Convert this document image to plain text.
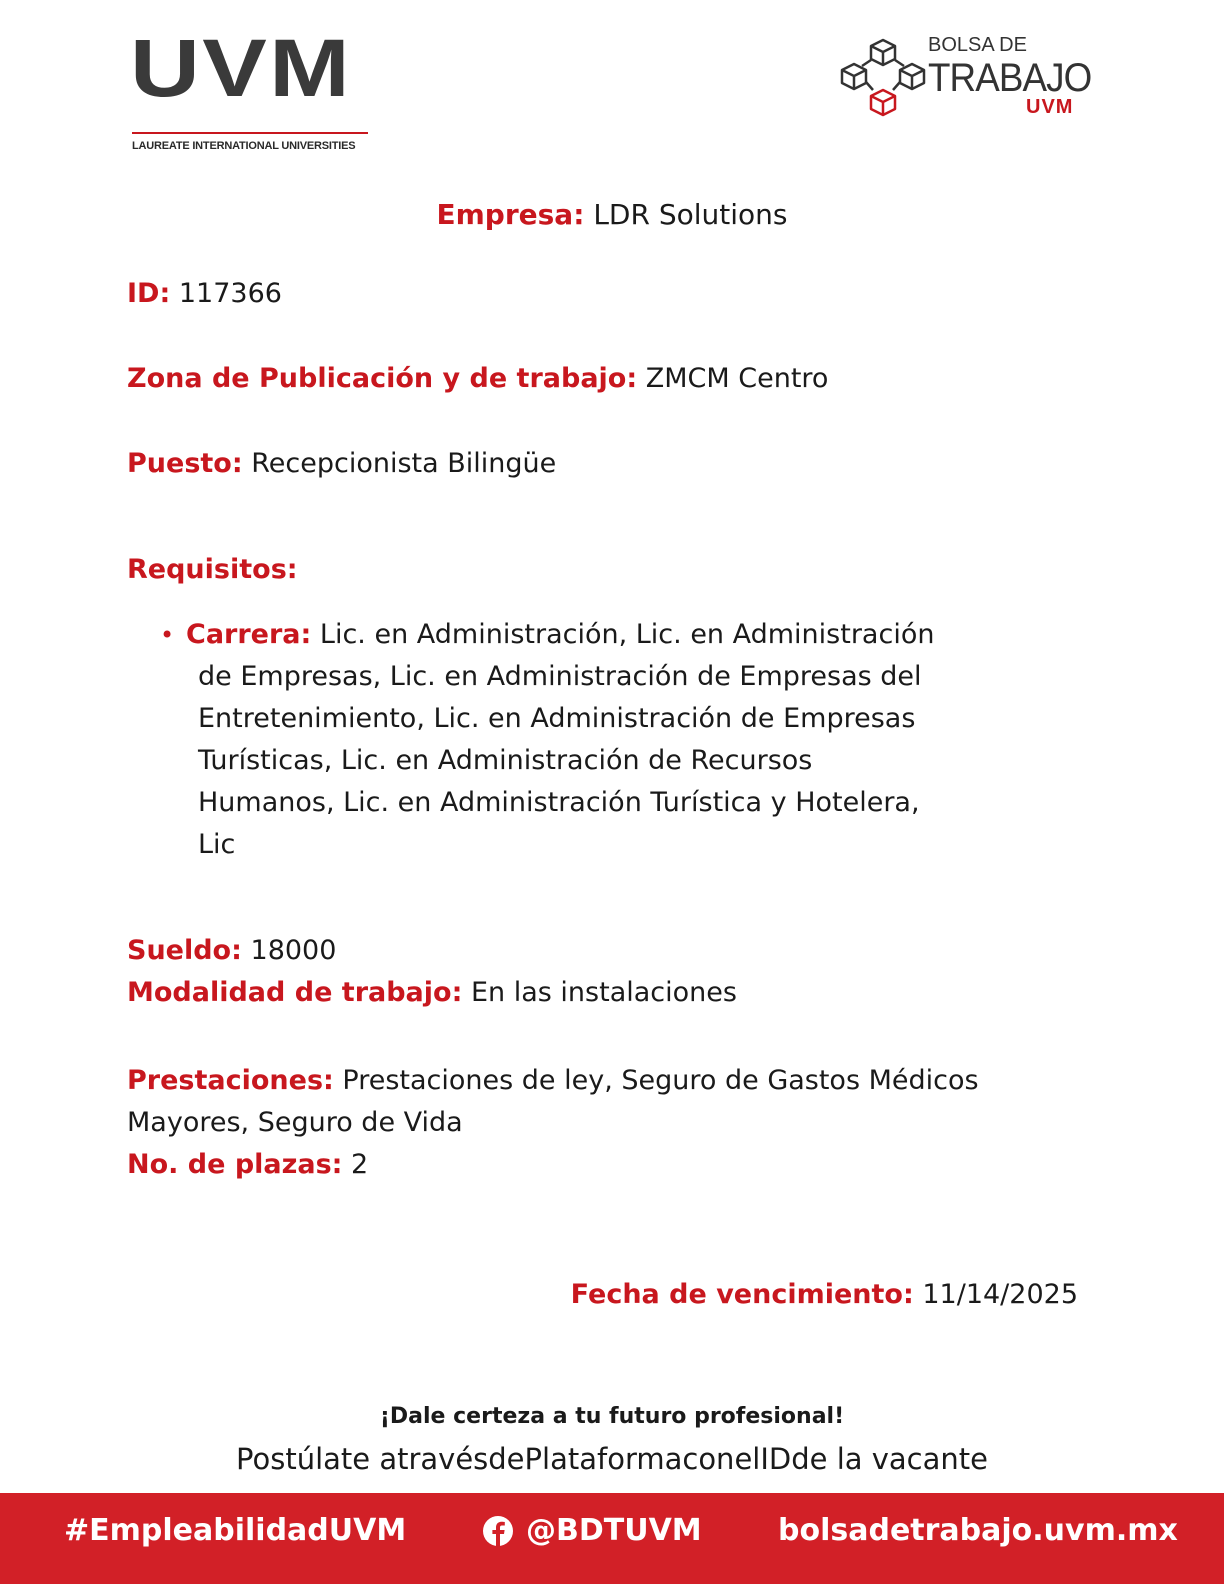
UVM
LAUREATE INTERNATIONAL UNIVERSITIES
BOLSA DE
TRABAJO
UVM
Empresa: LDR Solutions
ID: 117366
Zona de Publicación y de trabajo: ZMCM Centro
Puesto: Recepcionista Bilingüe
Requisitos:
• Carrera: Lic. en Administración, Lic. en Administración
de Empresas, Lic. en Administración de Empresas del
Entretenimiento, Lic. en Administración de Empresas
Turísticas, Lic. en Administración de Recursos
Humanos, Lic. en Administración Turística y Hotelera,
Lic
Sueldo: 18000
Modalidad de trabajo: En las instalaciones
Prestaciones: Prestaciones de ley, Seguro de Gastos Médicos
Mayores, Seguro de Vida
No. de plazas: 2
Fecha de vencimiento: 11/14/2025
¡Dale certeza a tu futuro profesional!
Postúlate atravésdePlataformaconelIDde la vacante
#EmpleabilidadUVM	@BDTUVM	bolsadetrabajo.uvm.mx
